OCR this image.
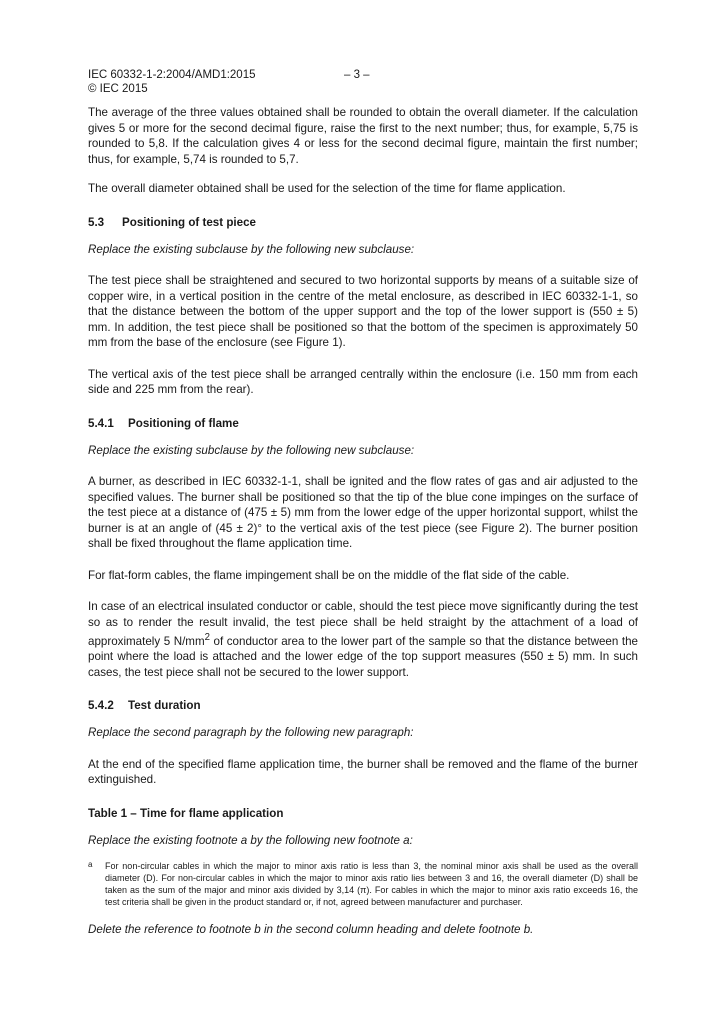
IEC 60332-1-2:2004/AMD1:2015	– 3 –
© IEC 2015

The average of the three values obtained shall be rounded to obtain the overall diameter. If the calculation gives 5 or more for the second decimal figure, raise the first to the next number; thus, for example, 5,75 is rounded to 5,8. If the calculation gives 4 or less for the second decimal figure, maintain the first number; thus, for example, 5,74 is rounded to 5,7.

The overall diameter obtained shall be used for the selection of the time for flame application.

5.3 Positioning of test piece

Replace the existing subclause by the following new subclause:

The test piece shall be straightened and secured to two horizontal supports by means of a suitable size of copper wire, in a vertical position in the centre of the metal enclosure, as described in IEC 60332-1-1, so that the distance between the bottom of the upper support and the top of the lower support is (550 ± 5) mm. In addition, the test piece shall be positioned so that the bottom of the specimen is approximately 50 mm from the base of the enclosure (see Figure 1).

The vertical axis of the test piece shall be arranged centrally within the enclosure (i.e. 150 mm from each side and 225 mm from the rear).

5.4.1 Positioning of flame

Replace the existing subclause by the following new subclause:

A burner, as described in IEC 60332-1-1, shall be ignited and the flow rates of gas and air adjusted to the specified values. The burner shall be positioned so that the tip of the blue cone impinges on the surface of the test piece at a distance of (475 ± 5) mm from the lower edge of the upper horizontal support, whilst the burner is at an angle of (45 ± 2)° to the vertical axis of the test piece (see Figure 2). The burner position shall be fixed throughout the flame application time.

For flat-form cables, the flame impingement shall be on the middle of the flat side of the cable.

In case of an electrical insulated conductor or cable, should the test piece move significantly during the test so as to render the result invalid, the test piece shall be held straight by the attachment of a load of approximately 5 $N/mm^2$ of conductor area to the lower part of the sample so that the distance between the point where the load is attached and the lower edge of the top support measures (550 ± 5) mm. In such cases, the test piece shall not be secured to the lower support.

5.4.2 Test duration

Replace the second paragraph by the following new paragraph:

At the end of the specified flame application time, the burner shall be removed and the flame of the burner extinguished.

Table 1 – Time for flame application

Replace the existing footnote a by the following new footnote a:

a	For non-circular cables in which the major to minor axis ratio is less than 3, the nominal minor axis shall be used as the overall diameter (D). For non-circular cables in which the major to minor axis ratio lies between 3 and 16, the overall diameter (D) shall be taken as the sum of the major and minor axis divided by 3,14 (π). For cables in which the major to minor axis ratio exceeds 16, the test criteria shall be given in the product standard or, if not, agreed between manufacturer and purchaser.

Delete the reference to footnote b in the second column heading and delete footnote b.
